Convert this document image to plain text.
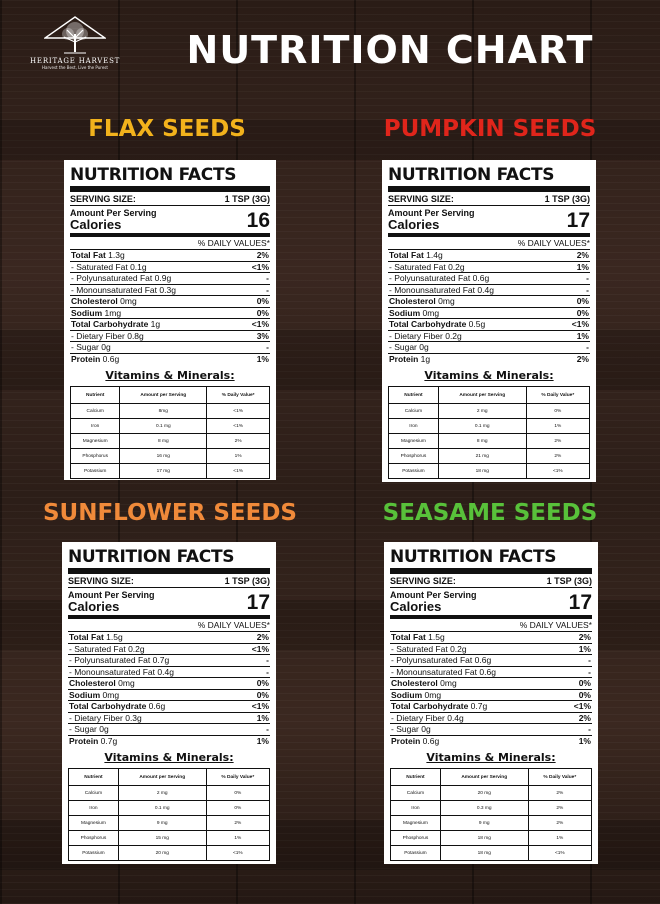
HERITAGE HARVEST
Harvest the Best, Live the Purest	NUTRITION CHART
FLAX SEEDS	PUMPKIN SEEDS
SUNFLOWER SEEDS	SEASAME SEEDS
NUTRITION FACTS
SERVING SIZE:	1 TSP (3G)
Amount Per Serving
Calories	16
% DAILY VALUES*
Total Fat 1.3g	2%
- Saturated Fat 0.1g	<1%
- Polyunsaturated Fat 0.9g	-
- Monounsaturated Fat 0.3g	-
Cholesterol 0mg	0%
Sodium 1mg	0%
Total Carbohydrate 1g	<1%
- Dietary Fiber 0.8g	3%
- Sugar 0g	-
Protein 0.6g	1%
Vitamins & Minerals:
Nutrient	Amount per Serving	% Daily Value*
Calcium	8mg	<1%
Iron	0.1 mg	<1%
Magnesium	8 mg	2%
Phosphorus	16 mg	1%
Potassium	17 mg	<1%
NUTRITION FACTS
SERVING SIZE:	1 TSP (3G)
Amount Per Serving
Calories	17
% DAILY VALUES*
Total Fat 1.4g	2%
- Saturated Fat 0.2g	1%
- Polyunsaturated Fat 0.6g	-
- Monounsaturated Fat 0.4g	-
Cholesterol 0mg	0%
Sodium 0mg	0%
Total Carbohydrate 0.5g	<1%
- Dietary Fiber 0.2g	1%
- Sugar 0g	-
Protein 1g	2%
Vitamins & Minerals:
Nutrient	Amount per Serving	% Daily Value*
Calcium	2 mg	0%
Iron	0.1 mg	1%
Magnesium	8 mg	2%
Phosphorus	21 mg	2%
Potassium	18 mg	<1%
NUTRITION FACTS
SERVING SIZE:	1 TSP (3G)
Amount Per Serving
Calories	17
% DAILY VALUES*
Total Fat 1.5g	2%
- Saturated Fat 0.2g	<1%
- Polyunsaturated Fat 0.7g	-
- Monounsaturated Fat 0.4g	-
Cholesterol 0mg	0%
Sodium 0mg	0%
Total Carbohydrate 0.6g	<1%
- Dietary Fiber 0.3g	1%
- Sugar 0g	-
Protein 0.7g	1%
Vitamins & Minerals:
Nutrient	Amount per Serving	% Daily Value*
Calcium	2 mg	0%
Iron	0.1 mg	0%
Magnesium	9 mg	2%
Phosphorus	15 mg	1%
Potassium	20 mg	<1%
NUTRITION FACTS
SERVING SIZE:	1 TSP (3G)
Amount Per Serving
Calories	17
% DAILY VALUES*
Total Fat 1.5g	2%
- Saturated Fat 0.2g	1%
- Polyunsaturated Fat 0.6g	-
- Monounsaturated Fat 0.6g	-
Cholesterol 0mg	0%
Sodium 0mg	0%
Total Carbohydrate 0.7g	<1%
- Dietary Fiber 0.4g	2%
- Sugar 0g	-
Protein 0.6g	1%
Vitamins & Minerals:
Nutrient	Amount per Serving	% Daily Value*
Calcium	20 mg	2%
Iron	0.3 mg	2%
Magnesium	9 mg	2%
Phosphorus	18 mg	1%
Potassium	18 mg	<1%
